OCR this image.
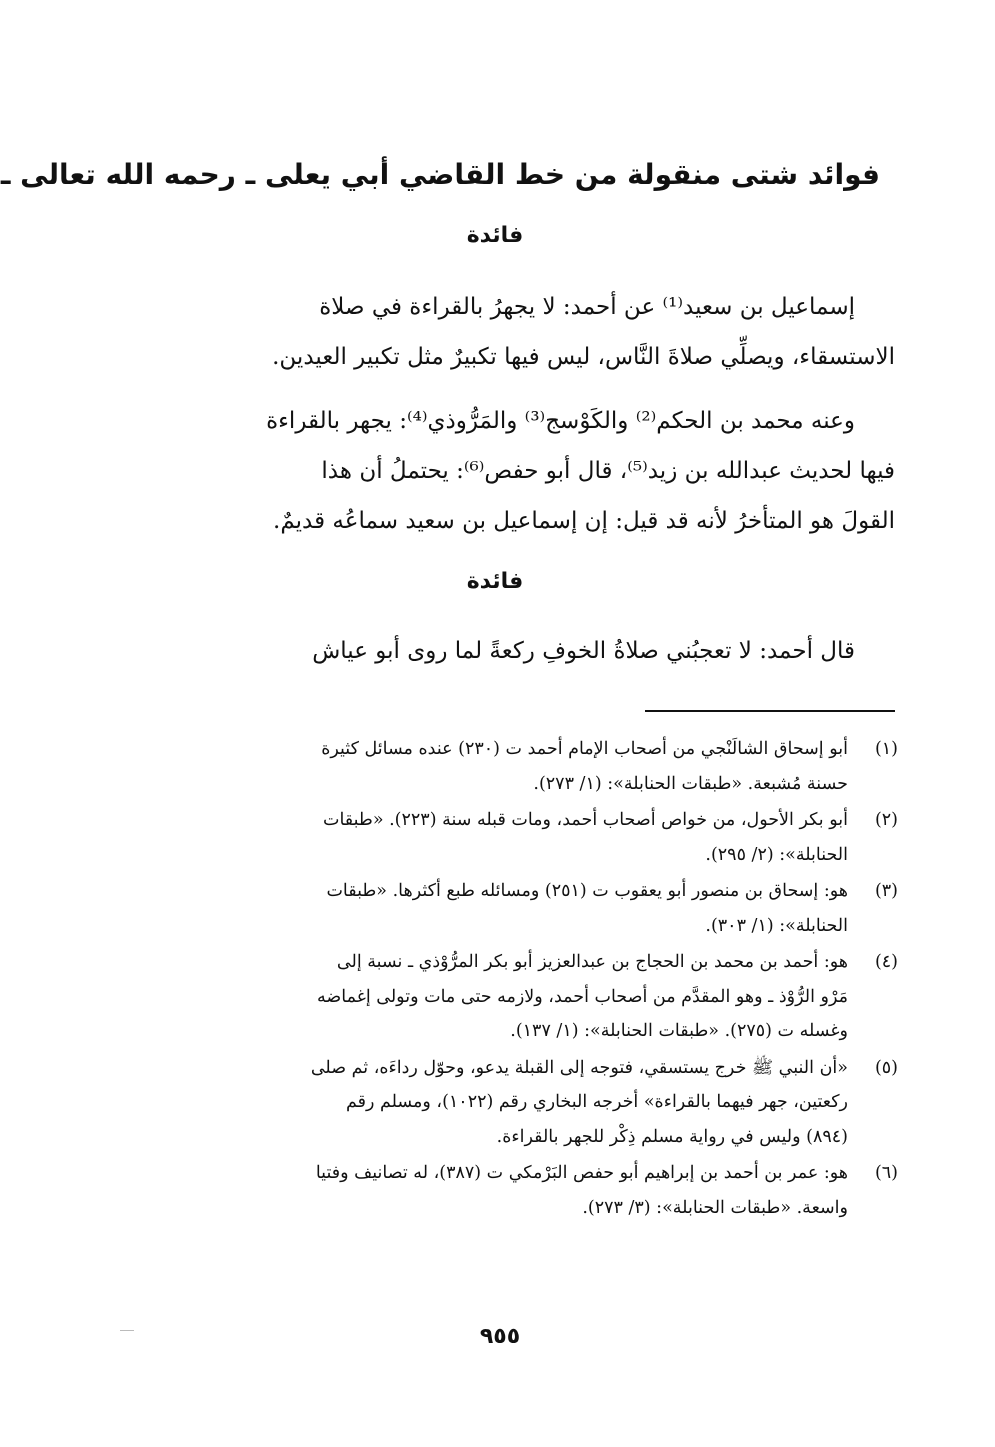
فوائد شتى منقولة من خط القاضي أبي يعلى ـ رحمه الله تعالى ـ
فائدة

إسماعيل بن سعيد⁽¹⁾ عن أحمد: لا يجهرُ بالقراءة في صلاة
الاستسقاء، ويصلِّي صلاةَ النَّاس، ليس فيها تكبيرٌ مثل تكبير العيدين.

وعنه محمد بن الحكم⁽²⁾ والكَوْسج⁽³⁾ والمَرُّوذي⁽⁴⁾: يجهر بالقراءة
فيها لحديث عبدالله بن زيد⁽⁵⁾، قال أبو حفص⁽⁶⁾: يحتملُ أن هذا
القولَ هو المتأخرُ لأنه قد قيل: إن إسماعيل بن سعيد سماعُه قديمٌ.

فائدة

قال أحمد: لا تعجبُني صلاةُ الخوفِ ركعةً لما روى أبو عياش

(١)
أبو إسحاق الشالَنْجي من أصحاب الإمام أحمد ت (٢٣٠) عنده مسائل كثيرة
حسنة مُشبعة. «طبقات الحنابلة»: (١/ ٢٧٣).
(٢)
أبو بكر الأحول، من خواص أصحاب أحمد، ومات قبله سنة (٢٢٣). «طبقات
الحنابلة»: (٢/ ٢٩٥).
(٣)
هو: إسحاق بن منصور أبو يعقوب ت (٢٥١) ومسائله طبع أكثرها. «طبقات
الحنابلة»: (١/ ٣٠٣).
(٤)
هو: أحمد بن محمد بن الحجاج بن عبدالعزيز أبو بكر المرُّوْذي ـ نسبة إلى
مَرْو الرُّوْذ ـ وهو المقدَّم من أصحاب أحمد، ولازمه حتى مات وتولى إغماضه
وغسله ت (٢٧٥). «طبقات الحنابلة»: (١/ ١٣٧).
(٥)
«أن النبي ﷺ خرج يستسقي، فتوجه إلى القبلة يدعو، وحوّل رداءَه، ثم صلى
ركعتين، جهر فيهما بالقراءة» أخرجه البخاري رقم (١٠٢٢)، ومسلم رقم
(٨٩٤) وليس في رواية مسلم ذِكْر للجهر بالقراءة.
(٦)
هو: عمر بن أحمد بن إبراهيم أبو حفص البَرْمكي ت (٣٨٧)، له تصانيف وفتيا
واسعة. «طبقات الحنابلة»: (٣/ ٢٧٣).
٩٥٥
